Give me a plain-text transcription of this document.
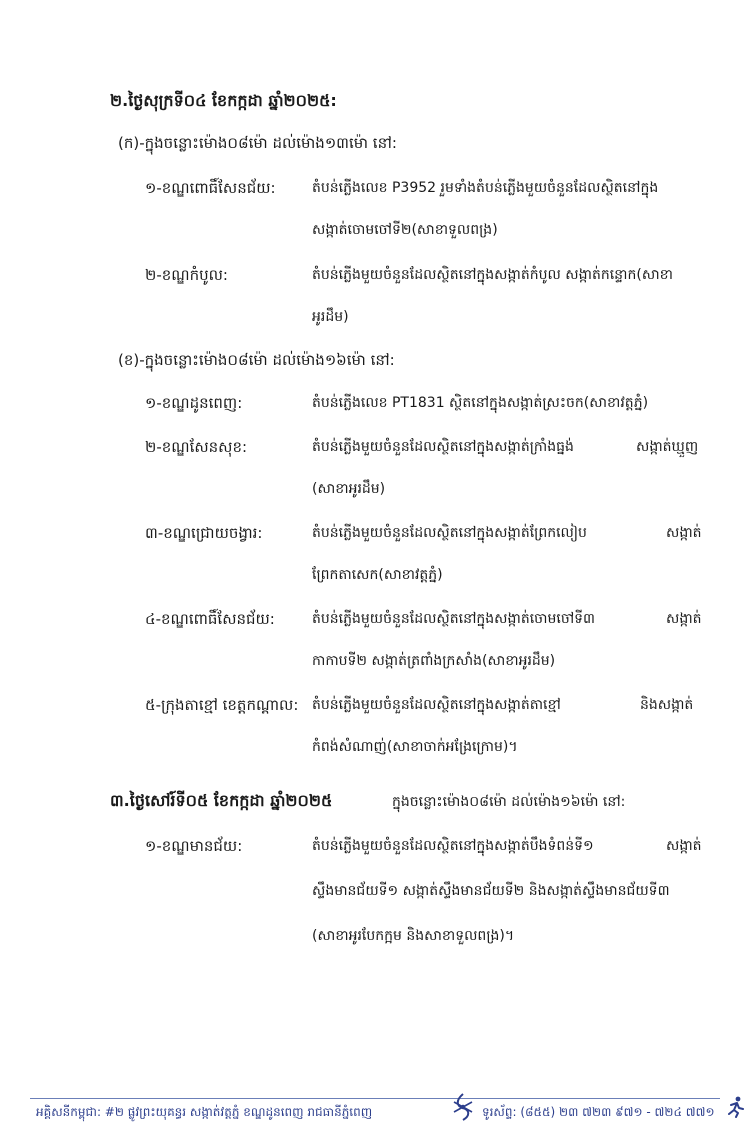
២.ថ្ងៃសុក្រទី០៤ ខែកក្កដា ឆ្នាំ២០២៥:
(ក)-ក្នុងចន្លោះម៉ោង០៨ម៉ោ ដល់ម៉ោង១៣ម៉ោ នៅ:
១-ខណ្ឌពោធិ៍សែនជ័យ:	តំបន់ភ្លើងលេខ P3952 រួមទាំងតំបន់ភ្លើងមួយចំនួនដែលស្ថិតនៅក្នុង
សង្កាត់ចោមចៅទី២(សាខាទួលពង្រ)
២-ខណ្ឌកំបូល:	តំបន់ភ្លើងមួយចំនួនដែលស្ថិតនៅក្នុងសង្កាត់កំបូល សង្កាត់កន្ទោក(សាខា
អូរដឹម)
(ខ)-ក្នុងចន្លោះម៉ោង០៨ម៉ោ ដល់ម៉ោង១៦ម៉ោ នៅ:
១-ខណ្ឌដូនពេញ:	តំបន់ភ្លើងលេខ PT1831 ស្ថិតនៅក្នុងសង្កាត់ស្រះចក(សាខាវត្តភ្នំ)
២-ខណ្ឌសែនសុខ:	តំបន់ភ្លើងមួយចំនួនដែលស្ថិតនៅក្នុងសង្កាត់ក្រាំងធ្នង់	សង្កាត់ឃ្មួញ
(សាខាអូរដឹម)
៣-ខណ្ឌជ្រោយចង្វារ:	តំបន់ភ្លើងមួយចំនួនដែលស្ថិតនៅក្នុងសង្កាត់ព្រែកលៀប	សង្កាត់
ព្រែកតាសេក(សាខាវត្តភ្នំ)
៤-ខណ្ឌពោធិ៍សែនជ័យ:	តំបន់ភ្លើងមួយចំនួនដែលស្ថិតនៅក្នុងសង្កាត់ចោមចៅទី៣	សង្កាត់
កាកាបទី២ សង្កាត់ត្រពាំងក្រសាំង(សាខាអូរដឹម)
៥-ក្រុងតាខ្មៅ ខេត្តកណ្តាល: តំបន់ភ្លើងមួយចំនួនដែលស្ថិតនៅក្នុងសង្កាត់តាខ្មៅ	និងសង្កាត់
កំពង់សំណាញ់(សាខាចាក់អង្រែក្រោម)។
៣.ថ្ងៃសៅរ៍ទី០៥ ខែកក្កដា ឆ្នាំ២០២៥	ក្នុងចន្លោះម៉ោង០៨ម៉ោ ដល់ម៉ោង១៦ម៉ោ នៅ:
១-ខណ្ឌមានជ័យ:	តំបន់ភ្លើងមួយចំនួនដែលស្ថិតនៅក្នុងសង្កាត់បឹងទំពន់ទី១	សង្កាត់
ស្ទឹងមានជ័យទី១ សង្កាត់ស្ទឹងមានជ័យទី២ និងសង្កាត់ស្ទឹងមានជ័យទី៣
(សាខាអូរបែកក្អម និងសាខាទួលពង្រ)។
អគ្គិសនីកម្ពុជា: #២ ផ្លូវព្រះយុគន្ធរ សង្កាត់វត្តភ្នំ ខណ្ឌដូនពេញ រាជធានីភ្នំពេញ	ទូរស័ព្ទ: (៨៥៥) ២៣ ៧២៣ ៩៧១ - ៧២៤ ៧៧១
